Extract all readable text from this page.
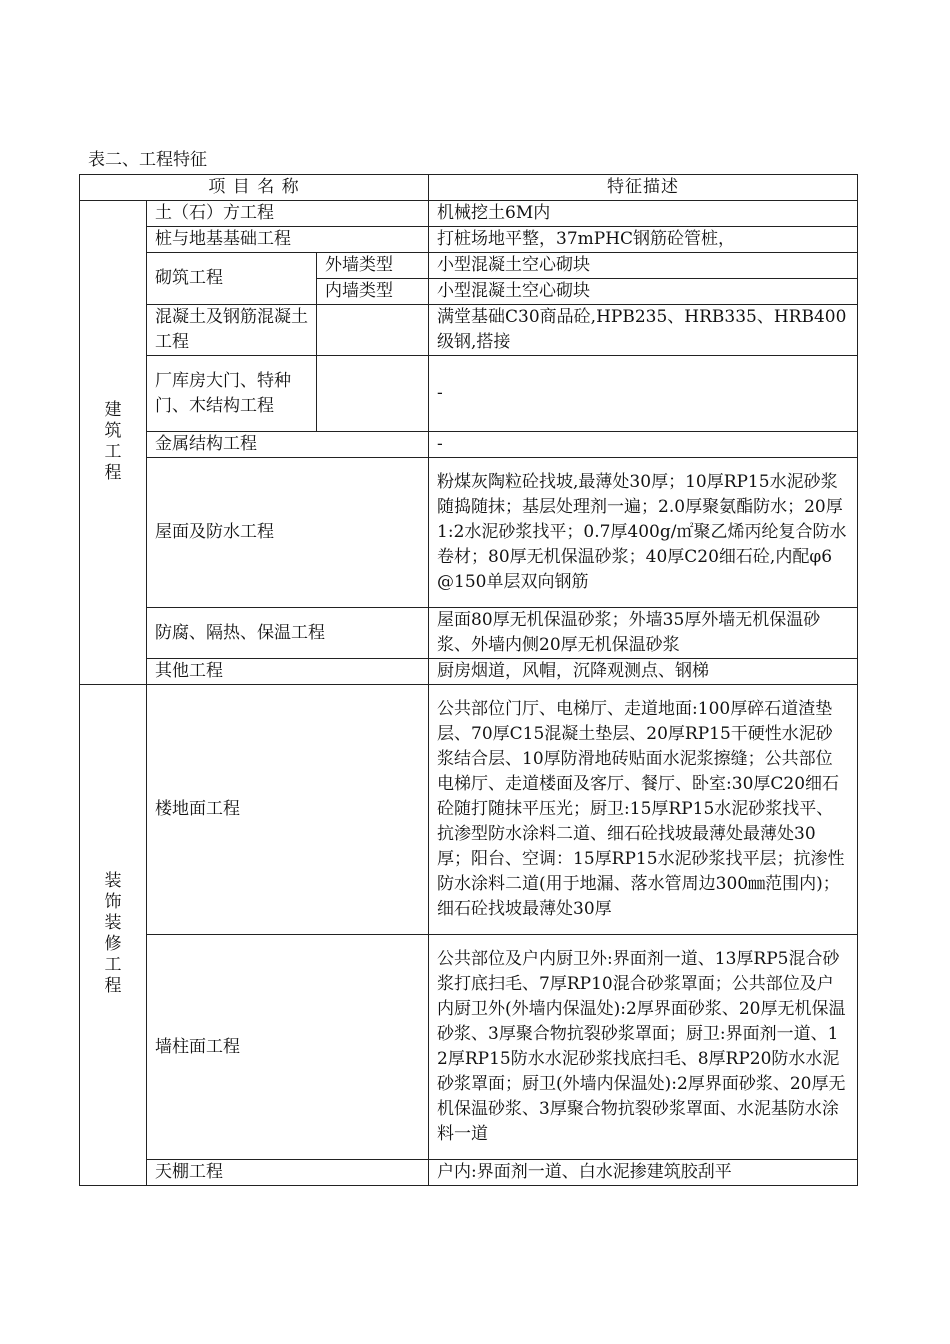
表二、工程特征
项 目 名 称			特征描述
建筑工程	土（石）方工程		机械挖土6M内
	桩与地基基础工程		打桩场地平整，37mPHC钢筋砼管桩，
	砌筑工程	外墙类型	小型混凝土空心砌块
		内墙类型	小型混凝土空心砌块
	混凝土及钢筋混凝土工程		满堂基础C30商品砼,HPB235、HRB335、HRB400级钢,搭接
	厂库房大门、特种门、木结构工程		-
	金属结构工程		-
	屋面及防水工程		粉煤灰陶粒砼找坡,最薄处30厚；10厚RP15水泥砂浆随捣随抹；基层处理剂一遍；2.0厚聚氨酯防水；20厚1:2水泥砂浆找平；0.7厚400g/㎡聚乙烯丙纶复合防水卷材；80厚无机保温砂浆；40厚C20细石砼,内配φ6@150单层双向钢筋
	防腐、隔热、保温工程		屋面80厚无机保温砂浆；外墙35厚外墙无机保温砂浆、外墙内侧20厚无机保温砂浆
	其他工程		厨房烟道，风帽，沉降观测点、钢梯
装饰装修工程	楼地面工程		公共部位门厅、电梯厅、走道地面:100厚碎石道渣垫层、70厚C15混凝土垫层、20厚RP15干硬性水泥砂浆结合层、10厚防滑地砖贴面水泥浆擦缝；公共部位电梯厅、走道楼面及客厅、餐厅、卧室:30厚C20细石砼随打随抹平压光；厨卫:15厚RP15水泥砂浆找平、抗渗型防水涂料二道、细石砼找坡最薄处最薄处30厚；阳台、空调：15厚RP15水泥砂浆找平层；抗渗性防水涂料二道(用于地漏、落水管周边300㎜范围内)；细石砼找坡最薄处30厚
	墙柱面工程		公共部位及户内厨卫外:界面剂一道、13厚RP5混合砂浆打底扫毛、7厚RP10混合砂浆罩面；公共部位及户内厨卫外(外墙内保温处):2厚界面砂浆、20厚无机保温砂浆、3厚聚合物抗裂砂浆罩面；厨卫:界面剂一道、12厚RP15防水水泥砂浆找底扫毛、8厚RP20防水水泥砂浆罩面；厨卫(外墙内保温处):2厚界面砂浆、20厚无机保温砂浆、3厚聚合物抗裂砂浆罩面、水泥基防水涂料一道
	天棚工程		户内:界面剂一道、白水泥掺建筑胶刮平
